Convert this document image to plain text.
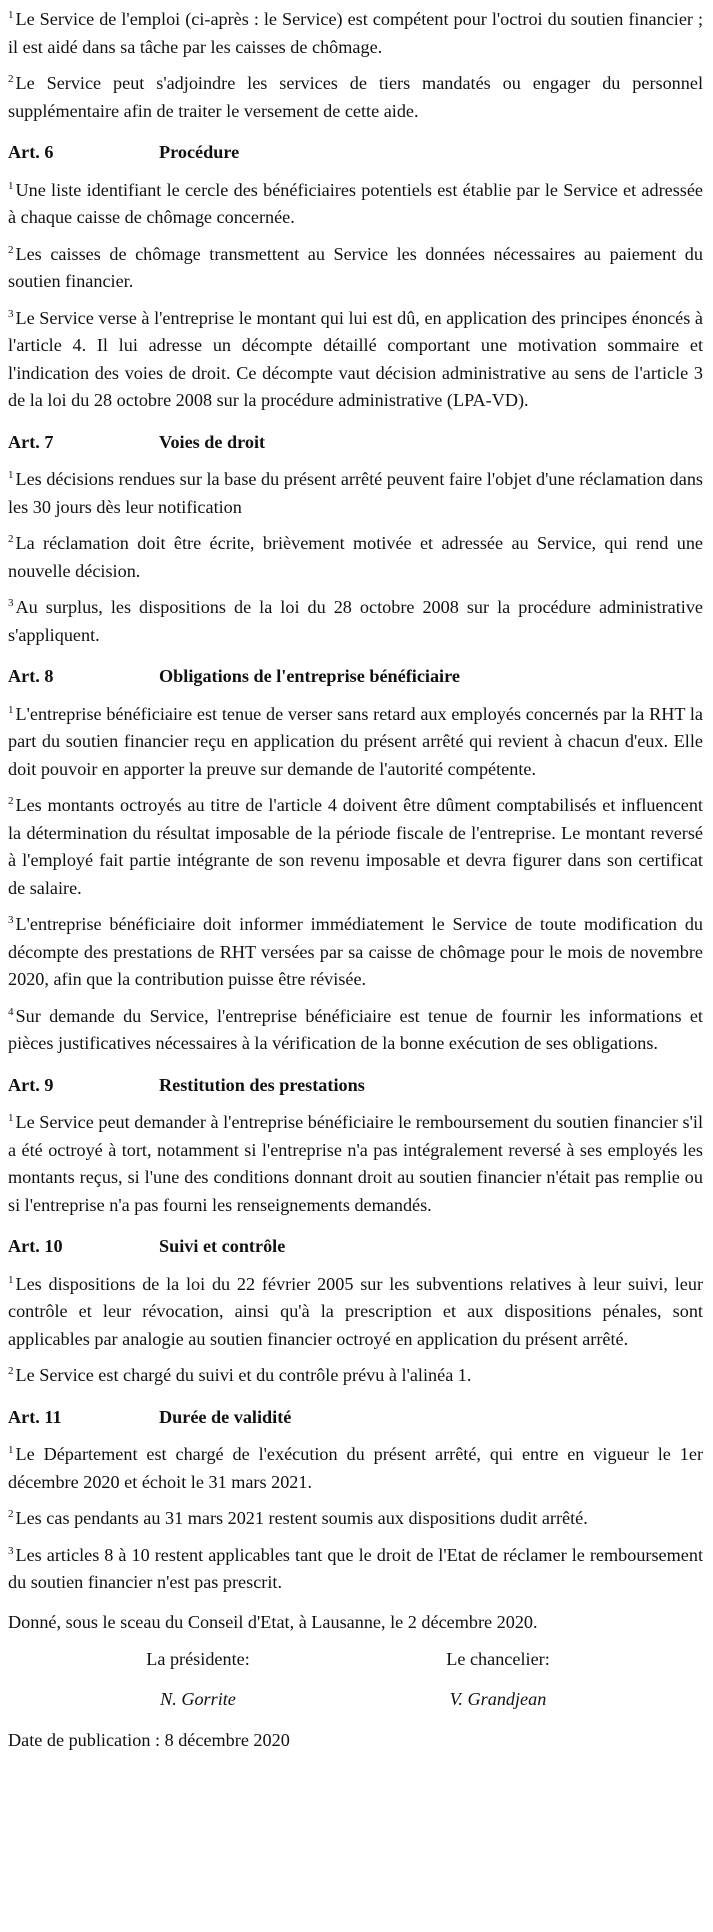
$^1$ Le Service de l'emploi (ci-après : le Service) est compétent pour l'octroi du soutien financier ; il est aidé dans sa tâche par les caisses de chômage.

$^2$ Le Service peut s'adjoindre les services de tiers mandatés ou engager du personnel supplémentaire afin de traiter le versement de cette aide.

Art. 6	Procédure

$^1$ Une liste identifiant le cercle des bénéficiaires potentiels est établie par le Service et adressée à chaque caisse de chômage concernée.

$^2$ Les caisses de chômage transmettent au Service les données nécessaires au paiement du soutien financier.

$^3$ Le Service verse à l'entreprise le montant qui lui est dû, en application des principes énoncés à l'article 4. Il lui adresse un décompte détaillé comportant une motivation sommaire et l'indication des voies de droit. Ce décompte vaut décision administrative au sens de l'article 3 de la loi du 28 octobre 2008 sur la procédure administrative (LPA-VD).

Art. 7	Voies de droit

$^1$ Les décisions rendues sur la base du présent arrêté peuvent faire l'objet d'une réclamation dans les 30 jours dès leur notification

$^2$ La réclamation doit être écrite, brièvement motivée et adressée au Service, qui rend une nouvelle décision.

$^3$ Au surplus, les dispositions de la loi du 28 octobre 2008 sur la procédure administrative s'appliquent.

Art. 8	Obligations de l'entreprise bénéficiaire

$^1$ L'entreprise bénéficiaire est tenue de verser sans retard aux employés concernés par la RHT la part du soutien financier reçu en application du présent arrêté qui revient à chacun d'eux. Elle doit pouvoir en apporter la preuve sur demande de l'autorité compétente.

$^2$ Les montants octroyés au titre de l'article 4 doivent être dûment comptabilisés et influencent la détermination du résultat imposable de la période fiscale de l'entreprise. Le montant reversé à l'employé fait partie intégrante de son revenu imposable et devra figurer dans son certificat de salaire.

$^3$ L'entreprise bénéficiaire doit informer immédiatement le Service de toute modification du décompte des prestations de RHT versées par sa caisse de chômage pour le mois de novembre 2020, afin que la contribution puisse être révisée.

$^4$ Sur demande du Service, l'entreprise bénéficiaire est tenue de fournir les informations et pièces justificatives nécessaires à la vérification de la bonne exécution de ses obligations.

Art. 9	Restitution des prestations

$^1$ Le Service peut demander à l'entreprise bénéficiaire le remboursement du soutien financier s'il a été octroyé à tort, notamment si l'entreprise n'a pas intégralement reversé à ses employés les montants reçus, si l'une des conditions donnant droit au soutien financier n'était pas remplie ou si l'entreprise n'a pas fourni les renseignements demandés.

Art. 10	Suivi et contrôle

$^1$ Les dispositions de la loi du 22 février 2005 sur les subventions relatives à leur suivi, leur contrôle et leur révocation, ainsi qu'à la prescription et aux dispositions pénales, sont applicables par analogie au soutien financier octroyé en application du présent arrêté.

$^2$ Le Service est chargé du suivi et du contrôle prévu à l'alinéa 1.

Art. 11	Durée de validité

$^1$ Le Département est chargé de l'exécution du présent arrêté, qui entre en vigueur le 1er décembre 2020 et échoit le 31 mars 2021.

$^2$ Les cas pendants au 31 mars 2021 restent soumis aux dispositions dudit arrêté.

$^3$ Les articles 8 à 10 restent applicables tant que le droit de l'Etat de réclamer le remboursement du soutien financier n'est pas prescrit.

Donné, sous le sceau du Conseil d'Etat, à Lausanne, le 2 décembre 2020.
La présidente:	Le chancelier:
N. Gorrite	V. Grandjean
Date de publication : 8 décembre 2020
